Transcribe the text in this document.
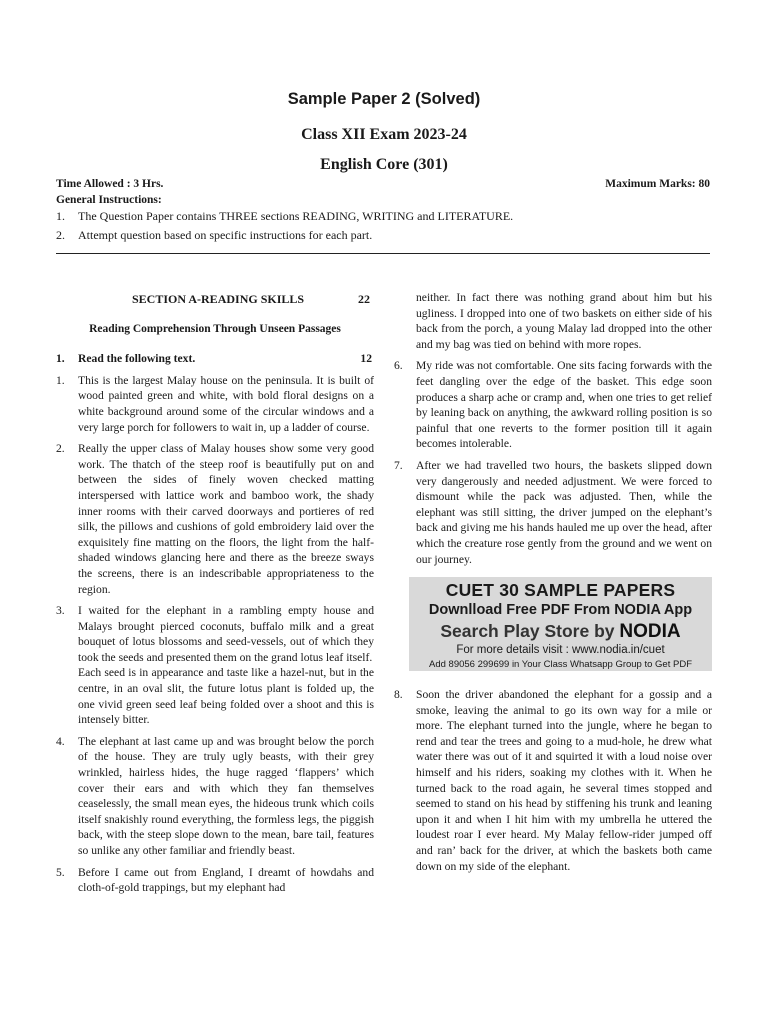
Sample Paper 2 (Solved)
Class XII Exam 2023-24
English Core (301)
Time Allowed : 3 Hrs.	Maximum Marks: 80
General Instructions:
1.	The Question Paper contains THREE sections READING, WRITING and LITERATURE.
2.	Attempt question based on specific instructions for each part.
SECTION A-READING SKILLS	22
Reading Comprehension Through Unseen Passages
1. Read the following text.	12
1.	This is the largest Malay house on the peninsula. It is built of wood painted green and white, with bold floral designs on a white background around some of the circular windows and a very large porch for followers to wait in, up a ladder of course.
2.	Really the upper class of Malay houses show some very good work. The thatch of the steep roof is beautifully put on and between the sides of finely woven checked matting interspersed with lattice work and bamboo work, the shady inner rooms with their carved doorways and portieres of red silk, the pillows and cushions of gold embroidery laid over the exquisitely fine matting on the floors, the light from the half-shaded windows glancing here and there as the breeze sways the screens, there is an indescribable appropriateness to the region.
3.	I waited for the elephant in a rambling empty house and Malays brought pierced coconuts, buffalo milk and a great bouquet of lotus blossoms and seed-vessels, out of which they took the seeds and presented them on the grand lotus leaf itself.
Each seed is in appearance and taste like a hazel-nut, but in the centre, in an oval slit, the future lotus plant is folded up, the one vivid green seed leaf being folded over a shoot and this is intensely bitter.
4.	The elephant at last came up and was brought below the porch of the house. They are truly ugly beasts, with their grey wrinkled, hairless hides, the huge ragged ‘flappers’ which cover their ears and with which they fan themselves ceaselessly, the small mean eyes, the hideous trunk which coils itself snakishly round everything, the formless legs, the piggish back, with the steep slope down to the mean, bare tail, features so unlike any other familiar and friendly beast.
5.	Before I came out from England, I dreamt of howdahs and cloth-of-gold trappings, but my elephant had
neither. In fact there was nothing grand about him but his ugliness. I dropped into one of two baskets on either side of his back from the porch, a young Malay lad dropped into the other and my bag was tied on behind with more ropes.
6.	My ride was not comfortable. One sits facing forwards with the feet dangling over the edge of the basket. This edge soon produces a sharp ache or cramp and, when one tries to get relief by leaning back on anything, the awkward rolling position is so painful that one reverts to the former position till it again becomes intolerable.
7.	After we had travelled two hours, the baskets slipped down very dangerously and needed adjustment. We were forced to dismount while the pack was adjusted. Then, while the elephant was still sitting, the driver jumped on the elephant’s back and giving me his hands hauled me up over the head, after which the creature rose gently from the ground and we went on our journey.
CUET 30 SAMPLE PAPERS
Downlload Free PDF From NODIA App
Search Play Store by NODIA
For more details visit : www.nodia.in/cuet
Add 89056 299699 in Your Class Whatsapp Group to Get PDF
8.	Soon the driver abandoned the elephant for a gossip and a smoke, leaving the animal to go its own way for a mile or more. The elephant turned into the jungle, where he began to rend and tear the trees and going to a mud-hole, he drew what water there was out of it and squirted it with a loud noise over himself and his riders, soaking my clothes with it. When he turned back to the road again, he several times stopped and seemed to stand on his head by stiffening his trunk and leaning upon it and when I hit him with my umbrella he uttered the loudest roar I ever heard. My Malay fellow-rider jumped off and ran’ back for the driver, at which the baskets both came down on my side of the elephant.
